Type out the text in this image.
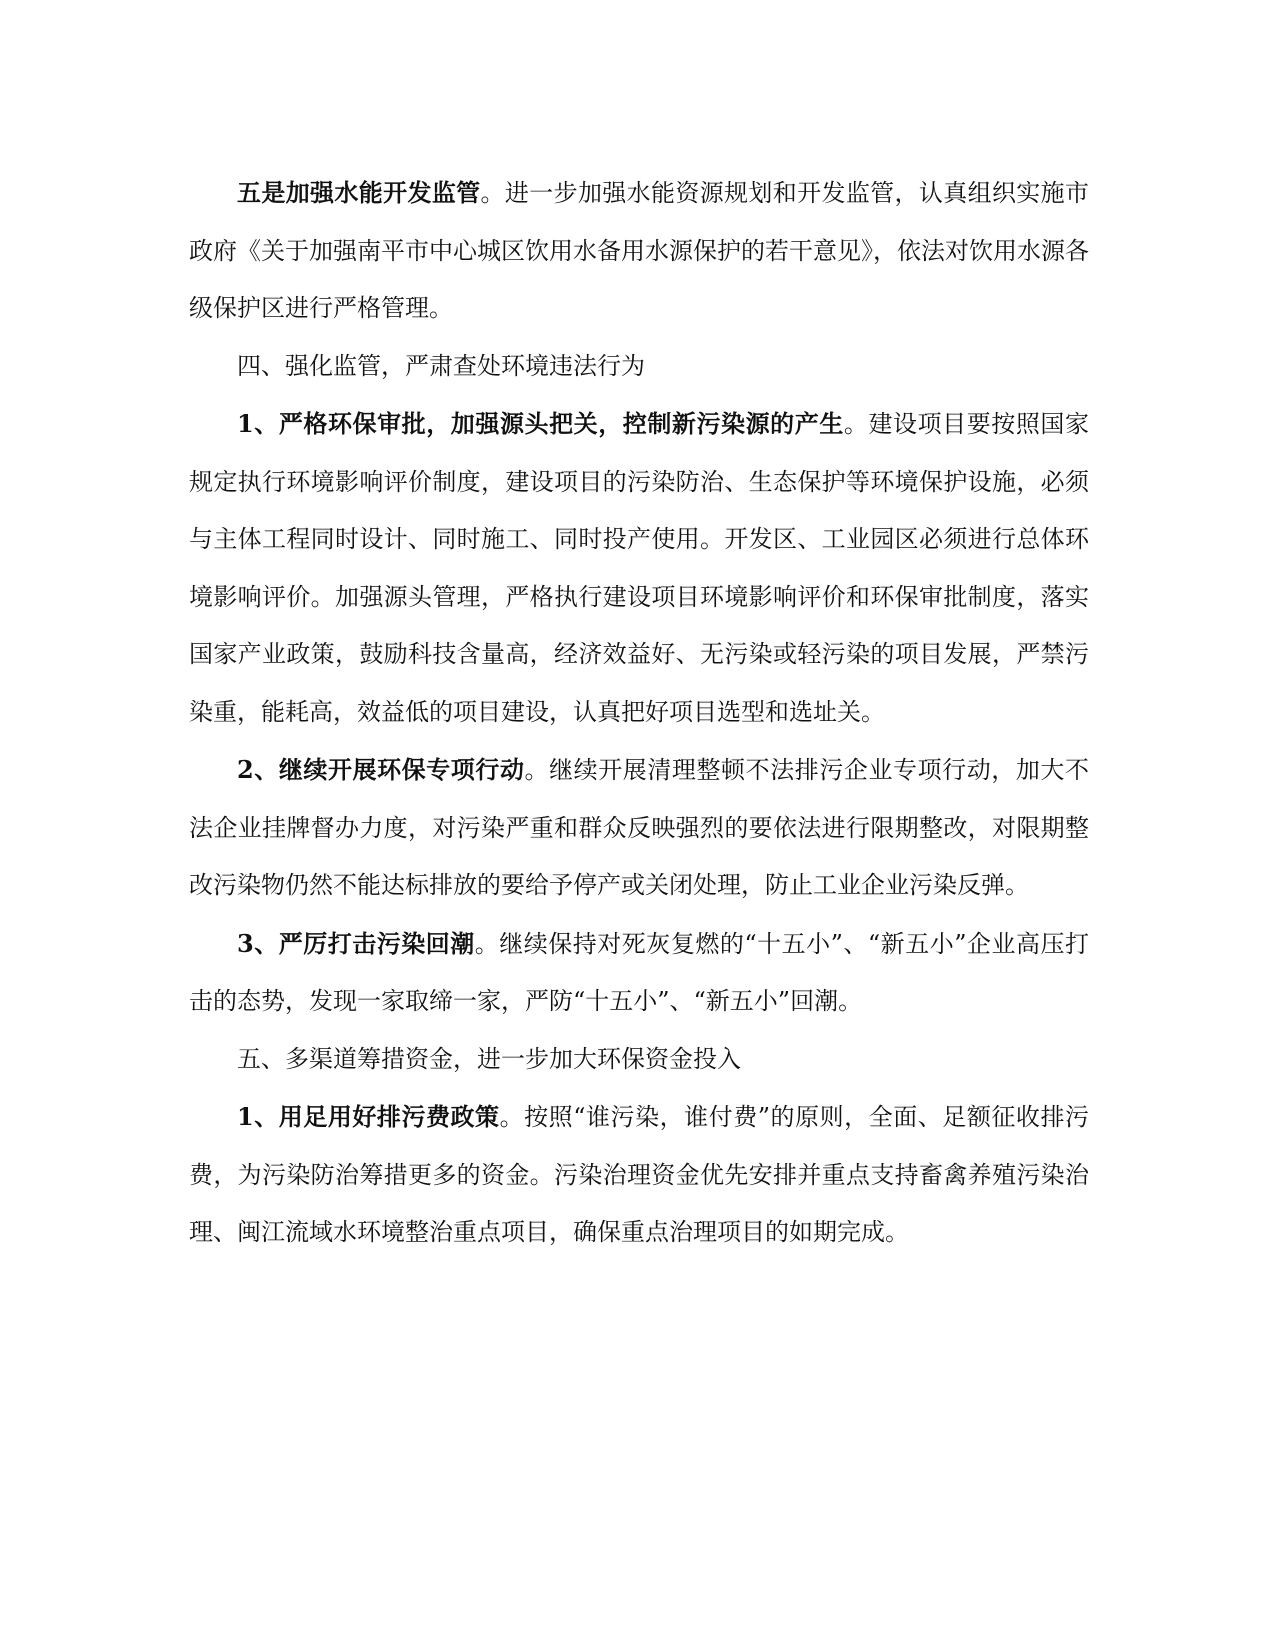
五是加强水能开发监管。进一步加强水能资源规划和开发监管，认真组织实施市政府《关于加强南平市中心城区饮用水备用水源保护的若干意见》，依法对饮用水源各级保护区进行严格管理。

四、强化监管，严肃查处环境违法行为

1、严格环保审批，加强源头把关，控制新污染源的产生。建设项目要按照国家规定执行环境影响评价制度，建设项目的污染防治、生态保护等环境保护设施，必须与主体工程同时设计、同时施工、同时投产使用。开发区、工业园区必须进行总体环境影响评价。加强源头管理，严格执行建设项目环境影响评价和环保审批制度，落实国家产业政策，鼓励科技含量高，经济效益好、无污染或轻污染的项目发展，严禁污染重，能耗高，效益低的项目建设，认真把好项目选型和选址关。

2、继续开展环保专项行动。继续开展清理整顿不法排污企业专项行动，加大不法企业挂牌督办力度，对污染严重和群众反映强烈的要依法进行限期整改，对限期整改污染物仍然不能达标排放的要给予停产或关闭处理，防止工业企业污染反弹。

3、严厉打击污染回潮。继续保持对死灰复燃的“十五小”、“新五小”企业高压打击的态势，发现一家取缔一家，严防“十五小”、“新五小”回潮。

五、多渠道筹措资金，进一步加大环保资金投入

1、用足用好排污费政策。按照“谁污染，谁付费”的原则，全面、足额征收排污费，为污染防治筹措更多的资金。污染治理资金优先安排并重点支持畜禽养殖污染治理、闽江流域水环境整治重点项目，确保重点治理项目的如期完成。
